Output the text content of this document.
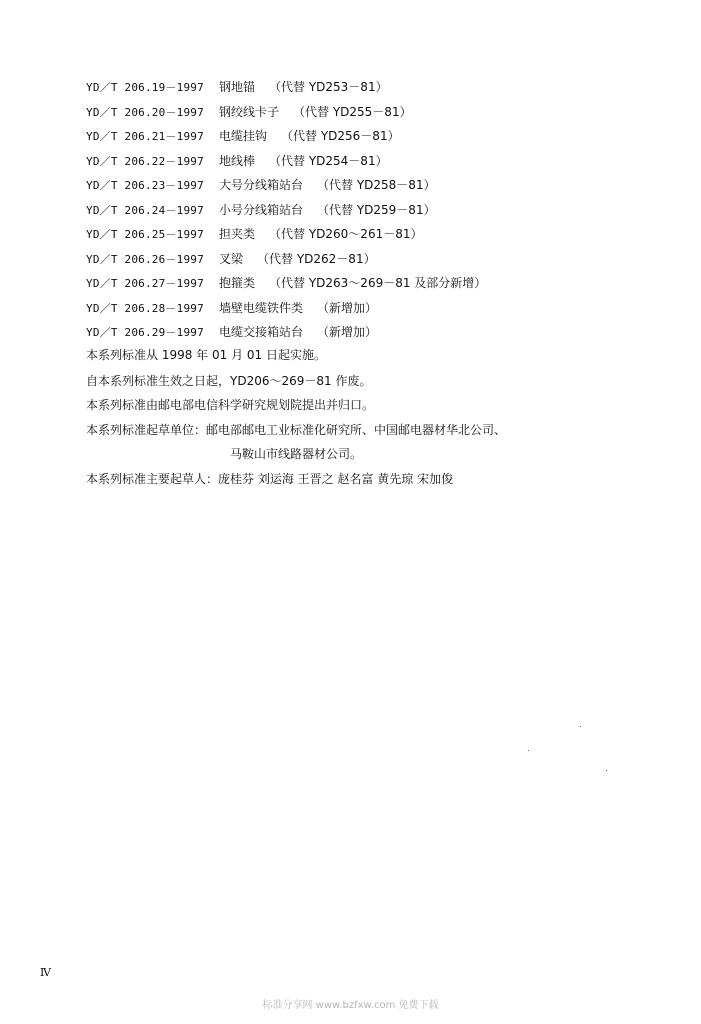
YD／T 206.19－1997 钢地锚 （代替 YD253－81）
YD／T 206.20－1997 钢绞线卡子 （代替 YD255－81）
YD／T 206.21－1997 电缆挂钩 （代替 YD256－81）
YD／T 206.22－1997 地线棒 （代替 YD254－81）
YD／T 206.23－1997 大号分线箱站台 （代替 YD258－81）
YD／T 206.24－1997 小号分线箱站台 （代替 YD259－81）
YD／T 206.25－1997 担夹类 （代替 YD260～261－81）
YD／T 206.26－1997 叉梁 （代替 YD262－81）
YD／T 206.27－1997 抱箍类 （代替 YD263～269－81 及部分新增）
YD／T 206.28－1997 墙壁电缆铁件类 （新增加）
YD／T 206.29－1997 电缆交接箱站台 （新增加）
本系列标准从 1998 年 01 月 01 日起实施。
自本系列标准生效之日起，YD206～269－81 作废。
本系列标准由邮电部电信科学研究规划院提出并归口。
本系列标准起草单位：邮电部邮电工业标准化研究所、中国邮电器材华北公司、
马鞍山市线路器材公司。
本系列标准主要起草人：庞桂芬 刘运海 王晋之 赵名富 黄先琼 宋加俊
Ⅳ
标准分享网 www.bzfxw.com 免费下载
